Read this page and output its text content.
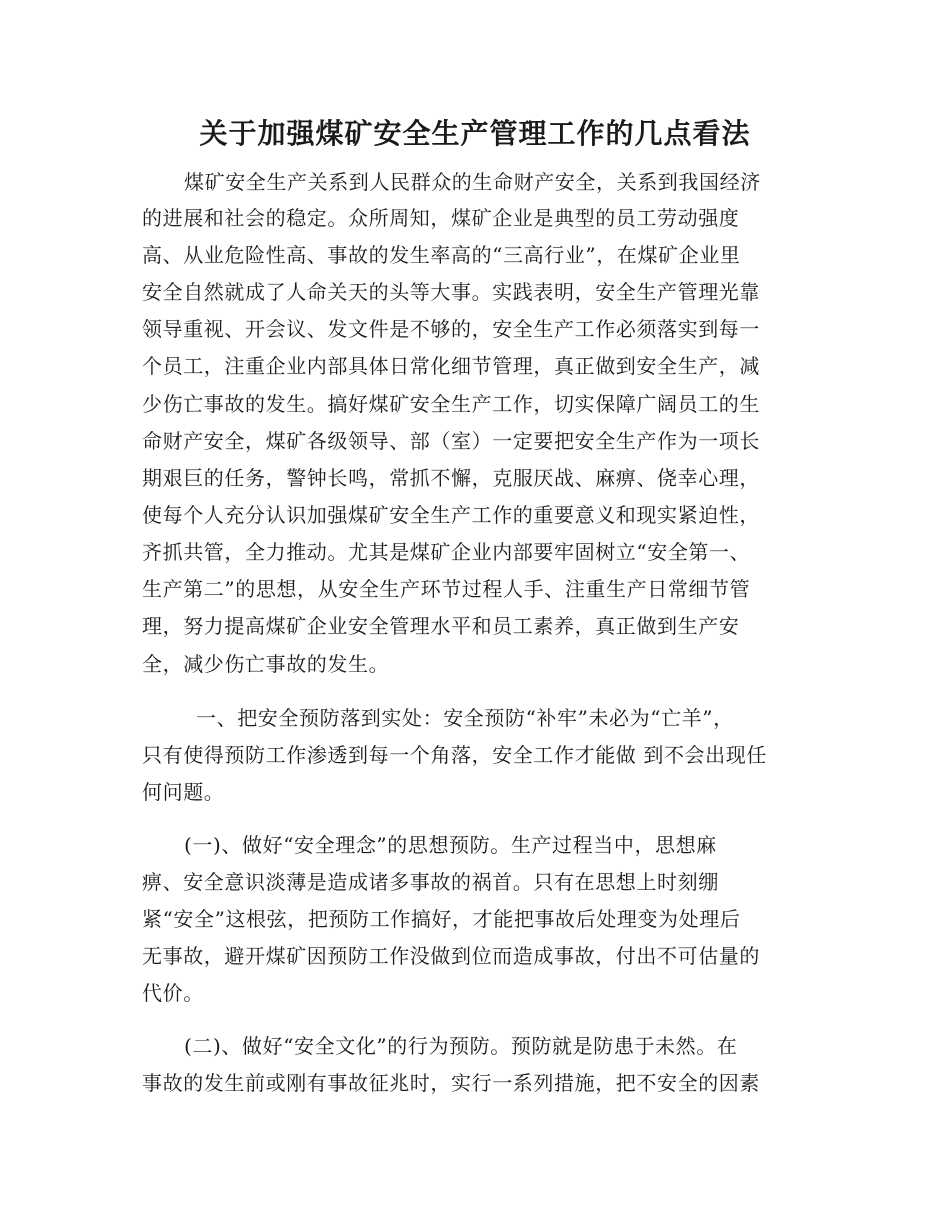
关于加强煤矿安全生产管理工作的几点看法

煤矿安全生产关系到人民群众的生命财产安全，关系到我国经济

的进展和社会的稳定。众所周知，煤矿企业是典型的员工劳动强度

高、从业危险性高、事故的发生率高的“三高行业”，在煤矿企业里

安全自然就成了人命关天的头等大事。实践表明，安全生产管理光靠

领导重视、开会议、发文件是不够的，安全生产工作必须落实到每一

个员工，注重企业内部具体日常化细节管理，真正做到安全生产，减

少伤亡事故的发生。搞好煤矿安全生产工作，切实保障广阔员工的生

命财产安全，煤矿各级领导、部（室）一定要把安全生产作为一项长

期艰巨的任务，警钟长鸣，常抓不懈，克服厌战、麻痹、侥幸心理，

使每个人充分认识加强煤矿安全生产工作的重要意义和现实紧迫性，

齐抓共管，全力推动。尤其是煤矿企业内部要牢固树立“安全第一、

生产第二”的思想，从安全生产环节过程人手、注重生产日常细节管

理，努力提高煤矿企业安全管理水平和员工素养，真正做到生产安

全，减少伤亡事故的发生。

一、把安全预防落到实处：安全预防“补牢”未必为“亡羊”，

只有使得预防工作渗透到每一个角落，安全工作才能做 到不会出现任

何问题。

(一)、做好“安全理念”的思想预防。生产过程当中，思想麻

痹、安全意识淡薄是造成诸多事故的祸首。只有在思想上时刻绷

紧“安全”这根弦，把预防工作搞好，才能把事故后处理变为处理后

无事故，避开煤矿因预防工作没做到位而造成事故，付出不可估量的

代价。

(二)、做好“安全文化”的行为预防。预防就是防患于未然。在

事故的发生前或刚有事故征兆时，实行一系列措施，把不安全的因素
